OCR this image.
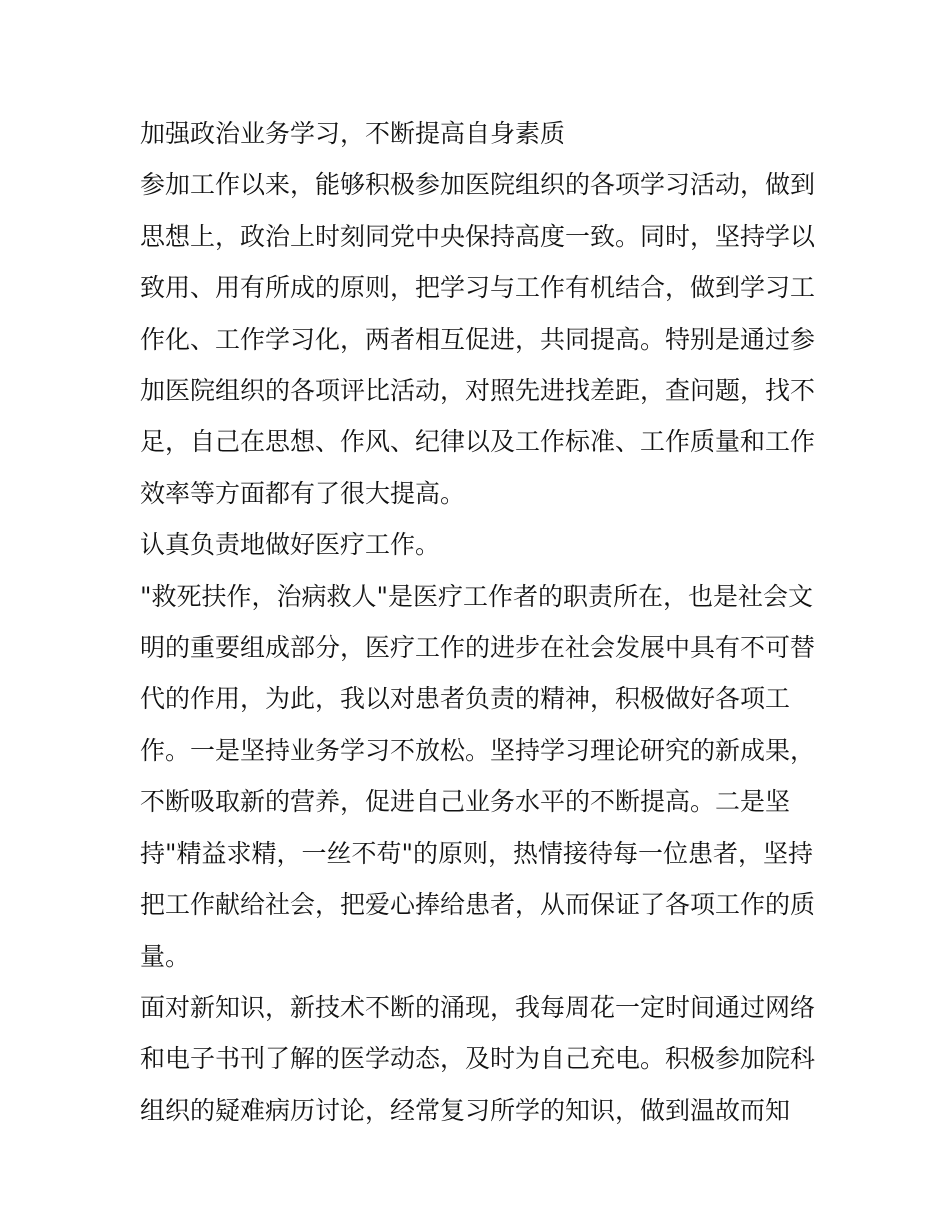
加强政治业务学习，不断提高自身素质

参加工作以来，能够积极参加医院组织的各项学习活动，做到
思想上，政治上时刻同党中央保持高度一致。同时，坚持学以
致用、用有所成的原则，把学习与工作有机结合，做到学习工
作化、工作学习化，两者相互促进，共同提高。特别是通过参
加医院组织的各项评比活动，对照先进找差距，查问题，找不
足，自己在思想、作风、纪律以及工作标准、工作质量和工作
效率等方面都有了很大提高。

认真负责地做好医疗工作。

"救死扶作，治病救人"是医疗工作者的职责所在，也是社会文
明的重要组成部分，医疗工作的进步在社会发展中具有不可替
代的作用，为此，我以对患者负责的精神，积极做好各项工
作。一是坚持业务学习不放松。坚持学习理论研究的新成果，
不断吸取新的营养，促进自己业务水平的不断提高。二是坚
持"精益求精，一丝不苟"的原则，热情接待每一位患者，坚持
把工作献给社会，把爱心捧给患者，从而保证了各项工作的质
量。

面对新知识，新技术不断的涌现，我每周花一定时间通过网络
和电子书刊了解的医学动态，及时为自己充电。积极参加院科
组织的疑难病历讨论，经常复习所学的知识，做到温故而知
